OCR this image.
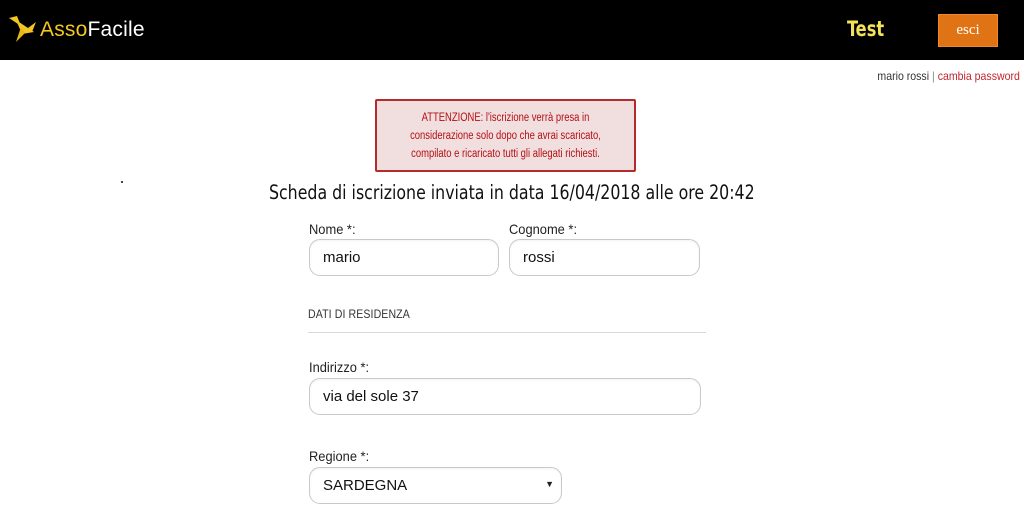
AssoFacile	Test	esci
mario rossi | cambia password
ATTENZIONE: l'iscrizione verrà presa in considerazione solo dopo che avrai scaricato, compilato e ricaricato tutti gli allegati richiesti.
Scheda di iscrizione inviata in data 16/04/2018 alle ore 20:42
Nome *:
mario
Cognome *:
rossi
DATI DI RESIDENZA
Indirizzo *:
via del sole 37
Regione *:
SARDEGNA	▼
